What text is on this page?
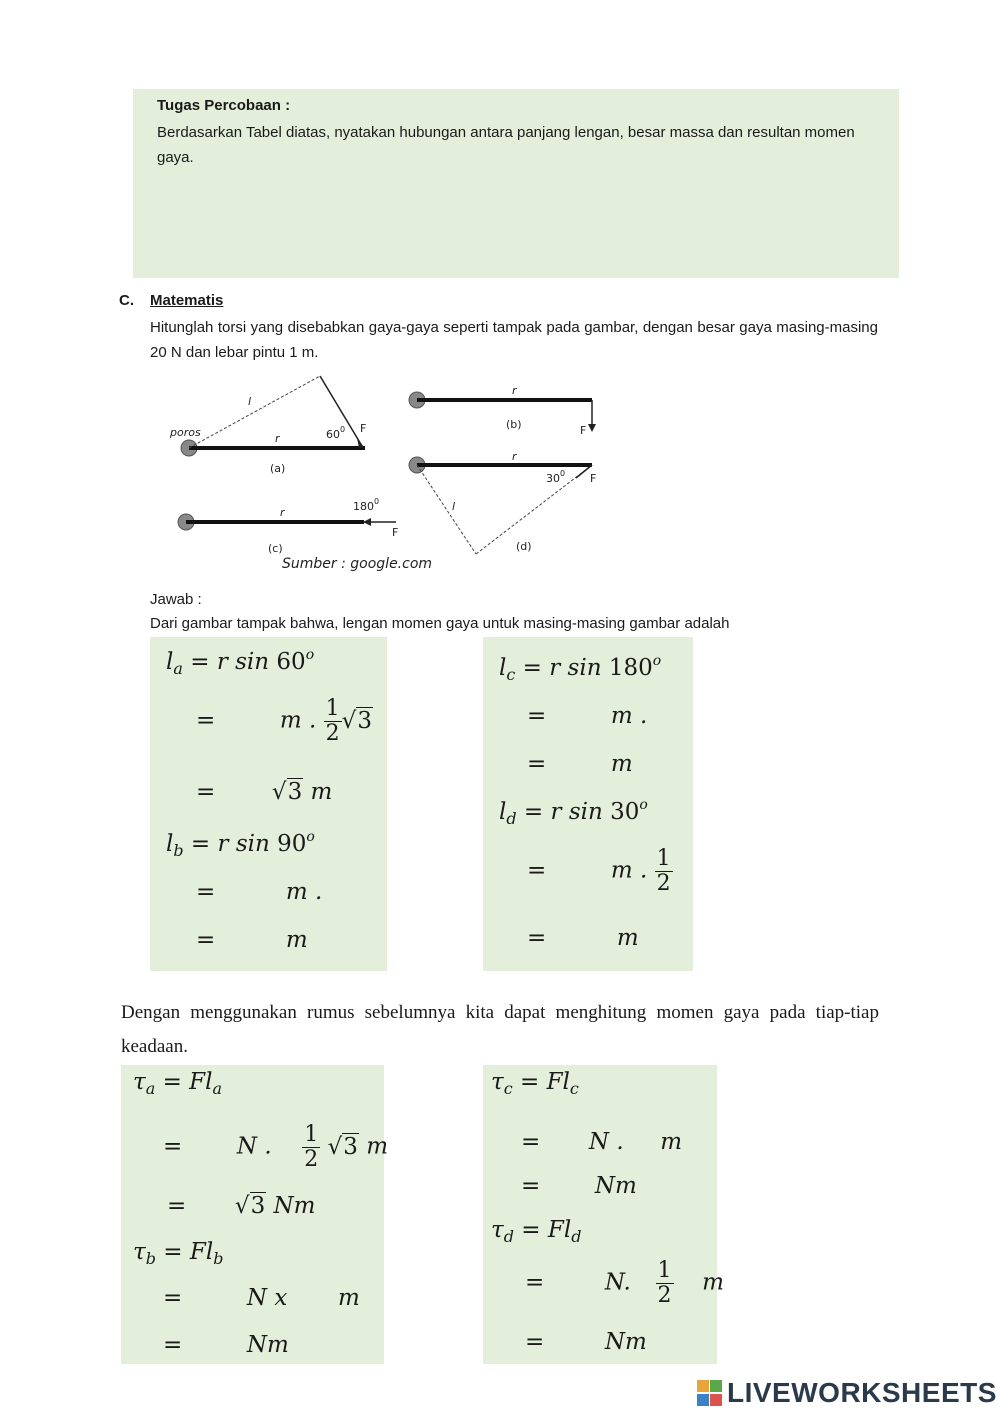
Tugas Percobaan :
Berdasarkan Tabel diatas, nyatakan hubungan antara panjang lengan, besar massa dan resultan momen gaya.
C. Matematis
Hitunglah torsi yang disebabkan gaya-gaya seperti tampak pada gambar, dengan besar gaya masing-masing 20 N dan lebar pintu 1 m.
poros
l
r	60 0 F
(a)
r
F
(b)
r	180 0
F
(c)
l
r
30 0 F
(d)
Sumber : google.com
Jawab :
Dari gambar tampak bahwa, lengan momen gaya untuk masing-masing gambar adalah
$l_a = r$ $\sin 60^o$
=	m . $\frac{1}{2} √3$
= √3 m
$l_b = r$ $\sin 90^o$
=	m .
=	m
$l_c = r$ $\sin 180^o$
=	m .
=	m
$l_d = r$ $\sin 30^o$
=	m . $\frac{1}{2}$
=	m
Dengan menggunakan rumus sebelumnya kita dapat menghitung momen gaya pada tiap-tiap keadaan.
$\tau_a = Fl_a$
= N . $\frac{1}{2} √3$ m
= √3 Nm
$\tau_b = Fl_b$
=	N x m
=	Nm
$\tau_c = Fl_c$
= N . m
= Nm
$\tau_d = Fl_d$
=	N. $\frac{1}{2}$ m
=	Nm
LIVEWORKSHEETS
